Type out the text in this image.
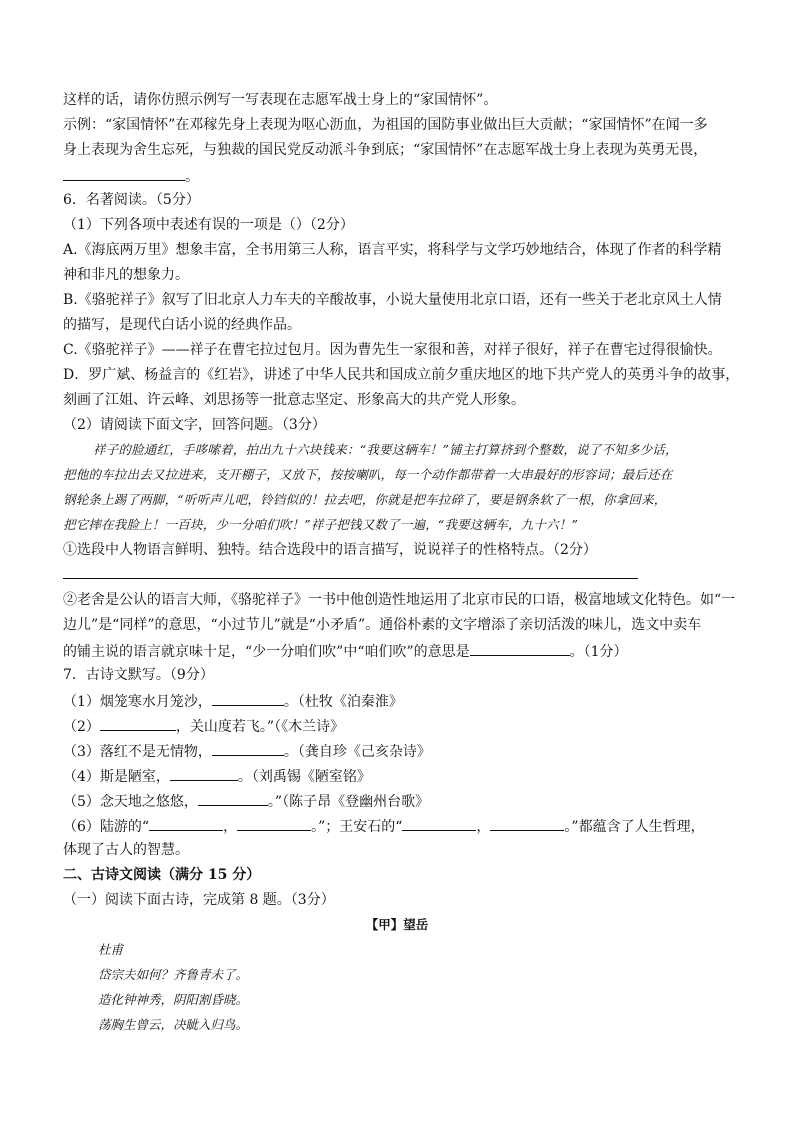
这样的话，请你仿照示例写一写表现在志愿军战士身上的“家国情怀”。
示例：“家国情怀”在邓稼先身上表现为呕心沥血，为祖国的国防事业做出巨大贡献；“家国情怀”在闻一多
身上表现为舍生忘死，与独裁的国民党反动派斗争到底；“家国情怀”在志愿军战士身上表现为英勇无畏，
。
6．名著阅读。（5分）
（1）下列各项中表述有误的一项是（）（2分）
A.《海底两万里》想象丰富，全书用第三人称，语言平实，将科学与文学巧妙地结合，体现了作者的科学精
神和非凡的想象力。
B.《骆驼祥子》叙写了旧北京人力车夫的辛酸故事，小说大量使用北京口语，还有一些关于老北京风土人情
的描写，是现代白话小说的经典作品。
C.《骆驼祥子》——祥子在曹宅拉过包月。因为曹先生一家很和善，对祥子很好，祥子在曹宅过得很愉快。
D．罗广斌、杨益言的《红岩》，讲述了中华人民共和国成立前夕重庆地区的地下共产党人的英勇斗争的故事，
刻画了江姐、许云峰、刘思扬等一批意志坚定、形象高大的共产党人形象。
（2）请阅读下面文字，回答问题。（3分）
祥子的脸通红，手哆嗦着，拍出九十六块钱来：“我要这辆车！”铺主打算挤到个整数，说了不知多少话，
把他的车拉出去又拉进来，支开棚子，又放下，按按喇叭，每一个动作都带着一大串最好的形容词；最后还在
钢轮条上踢了两脚，“听听声儿吧，铃铛似的！拉去吧，你就是把车拉碎了，要是钢条软了一根，你拿回来，
把它摔在我脸上！一百块，少一分咱们吹！”祥子把钱又数了一遍，“我要这辆车，九十六！”
①选段中人物语言鲜明、独特。结合选段中的语言描写，说说祥子的性格特点。（2分）
②老舍是公认的语言大师，《骆驼祥子》一书中他创造性地运用了北京市民的口语，极富地域文化特色。如“一
边儿”是“同样”的意思，“小过节儿”就是“小矛盾”。通俗朴素的文字增添了亲切活泼的味儿，选文中卖车
的铺主说的语言就京味十足，“少一分咱们吹”中“咱们吹”的意思是	。（1分）
7．古诗文默写。（9分）
（1）烟笼寒水月笼沙，	。（杜牧《泊秦淮》
（2）	，关山度若飞。”（《木兰诗》
（3）落红不是无情物，	。（龚自珍《己亥杂诗》
（4）斯是陋室，	。（刘禹锡《陋室铭》
（5）念天地之悠悠，	。”（陈子昂《登幽州台歌》
（6）陆游的“	，	。”；王安石的“	，	。”都蕴含了人生哲理，
体现了古人的智慧。
二、古诗文阅读（满分 15 分）
（一）阅读下面古诗，完成第 8 题。（3分）
【甲】望岳
杜甫
岱宗夫如何？齐鲁青未了。
造化钟神秀，阴阳割昏晓。
荡胸生曾云，决眦入归鸟。
